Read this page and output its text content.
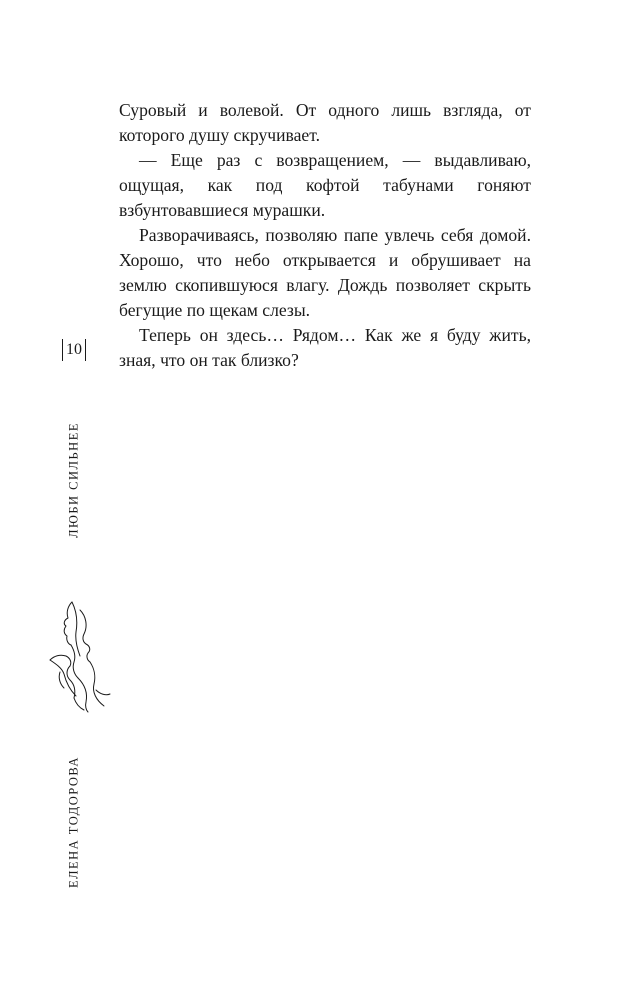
Суровый и волевой. От одного лишь взгляда, от которого душу скручивает.

— Еще раз с возвращением, — выдавливаю, ощущая, как под кофтой табунами гоняют взбунтовавшиеся мурашки.

Разворачиваясь, позволяю папе увлечь себя домой. Хорошо, что небо открывается и обрушивает на землю скопившуюся влагу. Дождь позволяет скрыть бегущие по щекам слезы.

Теперь он здесь… Рядом… Как же я буду жить, зная, что он так близко?

10
ЛЮБИ СИЛЬНЕЕ
ЕЛЕНА ТОДОРОВА
